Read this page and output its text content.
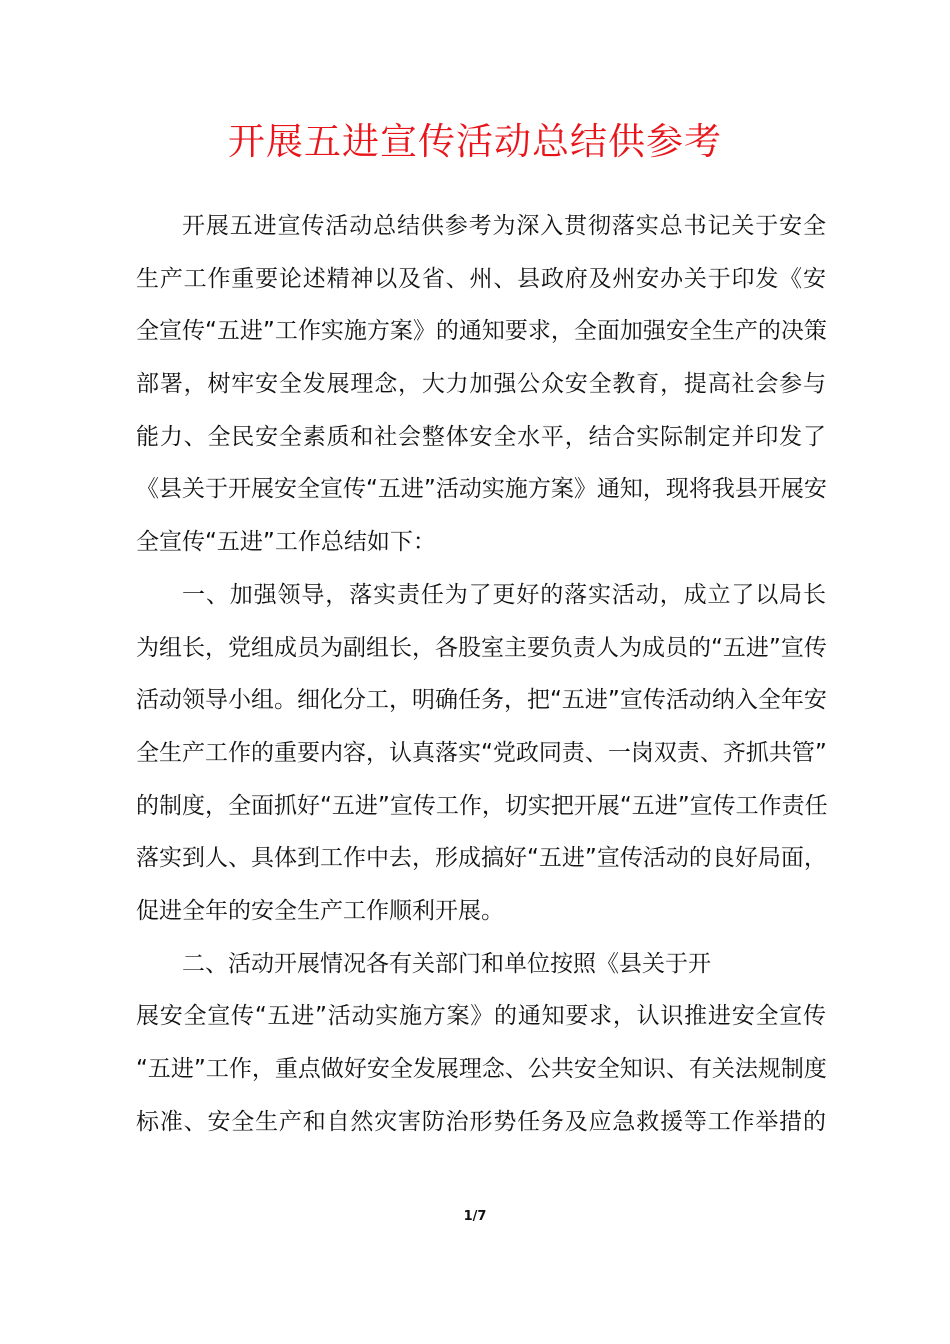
开展五进宣传活动总结供参考
开展五进宣传活动总结供参考为深入贯彻落实总书记关于安全
生产工作重要论述精神以及省、州、县政府及州安办关于印发《安
全宣传“五进”工作实施方案》的通知要求，全面加强安全生产的决策
部署，树牢安全发展理念，大力加强公众安全教育，提高社会参与
能力、全民安全素质和社会整体安全水平，结合实际制定并印发了
《县关于开展安全宣传“五进”活动实施方案》通知，现将我县开展安
全宣传“五进”工作总结如下：
一、加强领导，落实责任为了更好的落实活动，成立了以局长
为组长，党组成员为副组长，各股室主要负责人为成员的“五进”宣传
活动领导小组。细化分工，明确任务，把“五进”宣传活动纳入全年安
全生产工作的重要内容，认真落实“党政同责、一岗双责、齐抓共管”
的制度，全面抓好“五进”宣传工作，切实把开展“五进”宣传工作责任
落实到人、具体到工作中去，形成搞好“五进”宣传活动的良好局面，
促进全年的安全生产工作顺利开展。
二、活动开展情况各有关部门和单位按照《县关于开
展安全宣传“五进”活动实施方案》的通知要求，认识推进安全宣传
“五进”工作，重点做好安全发展理念、公共安全知识、有关法规制度
标准、安全生产和自然灾害防治形势任务及应急救援等工作举措的
1/7
